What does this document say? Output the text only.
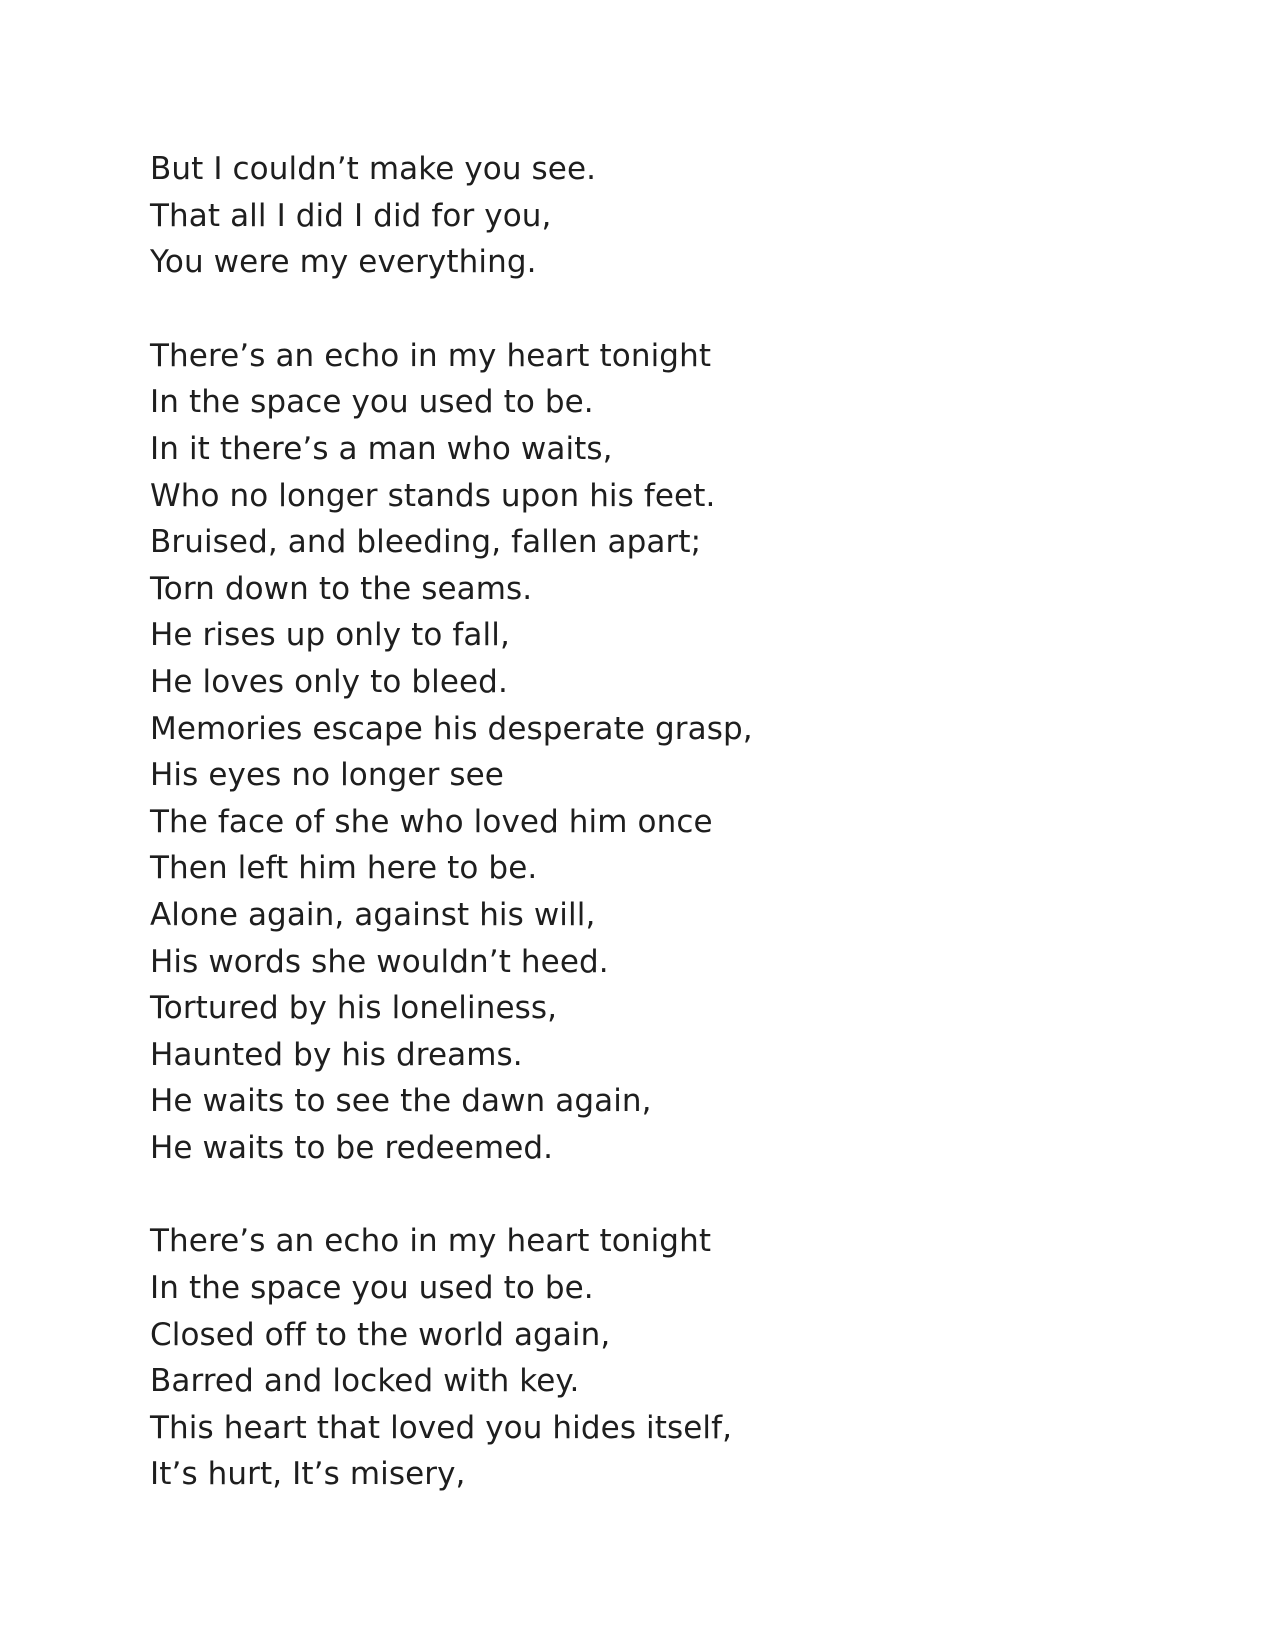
But I couldn’t make you see.
That all I did I did for you,
You were my everything.
There’s an echo in my heart tonight
In the space you used to be.
In it there’s a man who waits,
Who no longer stands upon his feet.
Bruised, and bleeding, fallen apart;
Torn down to the seams.
He rises up only to fall,
He loves only to bleed.
Memories escape his desperate grasp,
His eyes no longer see
The face of she who loved him once
Then left him here to be.
Alone again, against his will,
His words she wouldn’t heed.
Tortured by his loneliness,
Haunted by his dreams.
He waits to see the dawn again,
He waits to be redeemed.
There’s an echo in my heart tonight
In the space you used to be.
Closed off to the world again,
Barred and locked with key.
This heart that loved you hides itself,
It’s hurt, It’s misery,
